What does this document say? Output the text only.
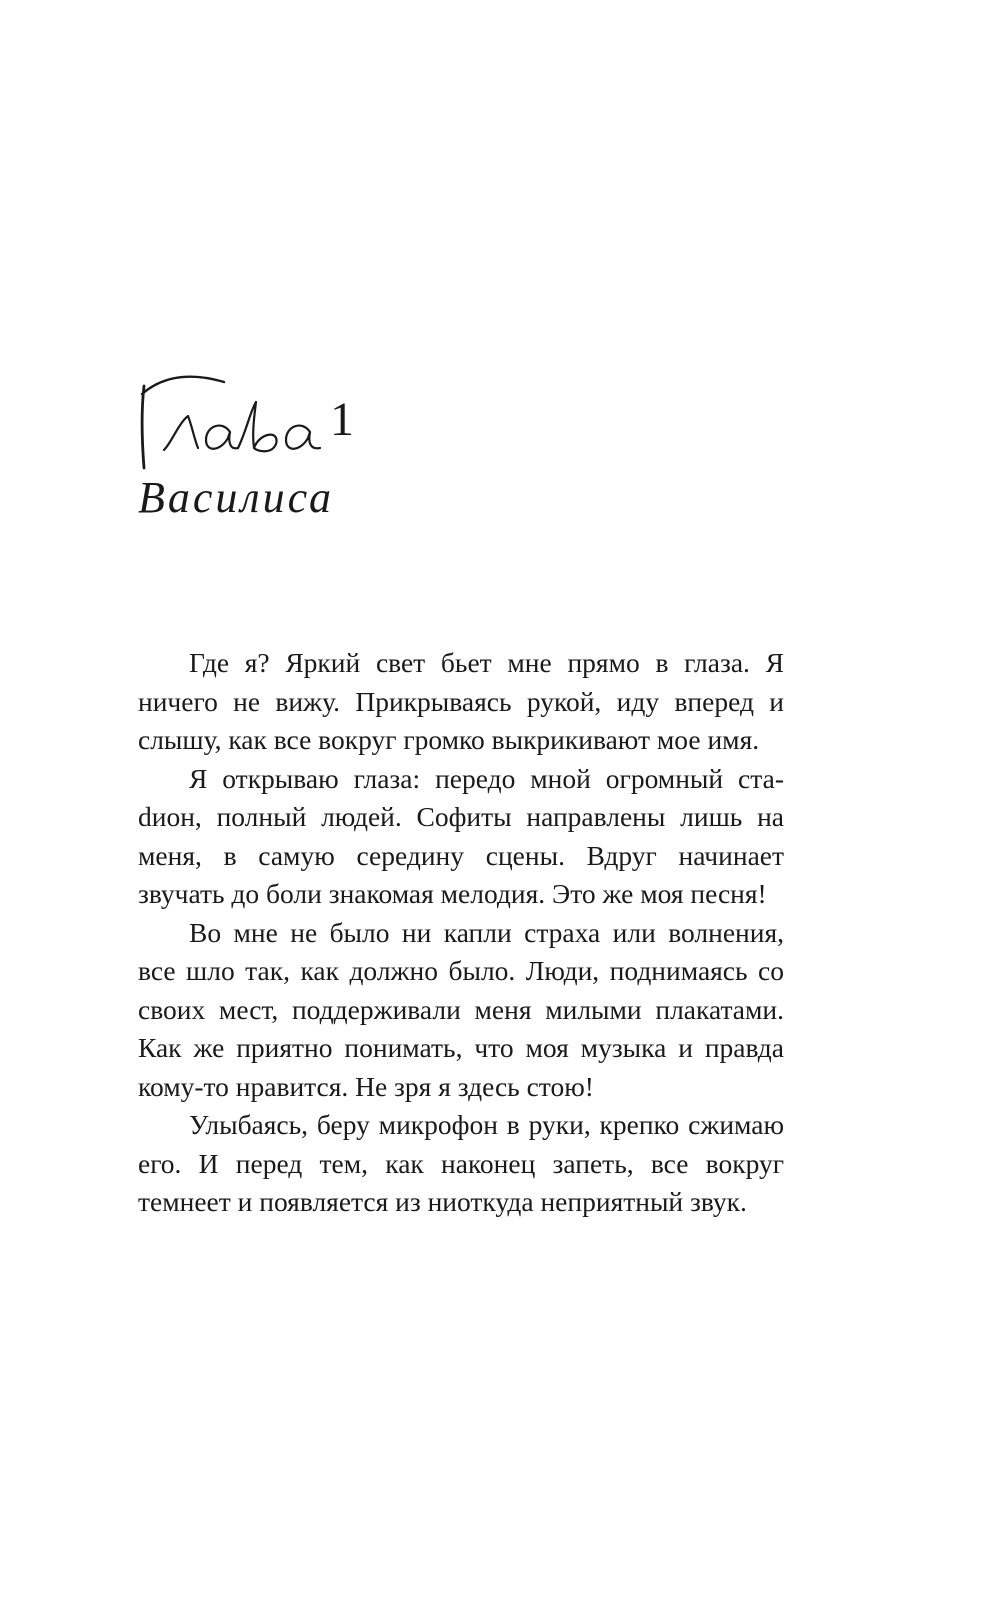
1
Василиса

Где я? Яркий свет бьет мне прямо в глаза. Я ничего не вижу. Прикрываясь рукой, иду вперед и слышу, как все вокруг громко выкрикивают мое имя.

Я открываю глаза: передо мной огромный стаdион, полный людей. Софиты направлены лишь на меня, в самую середину сцены. Вдруг начинает звучать до боли знакомая мелодия. Это же моя песня!

Во мне не было ни капли страха или волнения, все шло так, как должно было. Люди, поднимаясь со своих мест, поддерживали меня милыми плакатами. Как же приятно понимать, что моя музыка и правда кому-то нравится. Не зря я здесь стою!

Улыбаясь, беру микрофон в руки, крепко сжимаю его. И перед тем, как наконец запеть, все вокруг темнеет и появляется из ниоткуда неприятный звук.
